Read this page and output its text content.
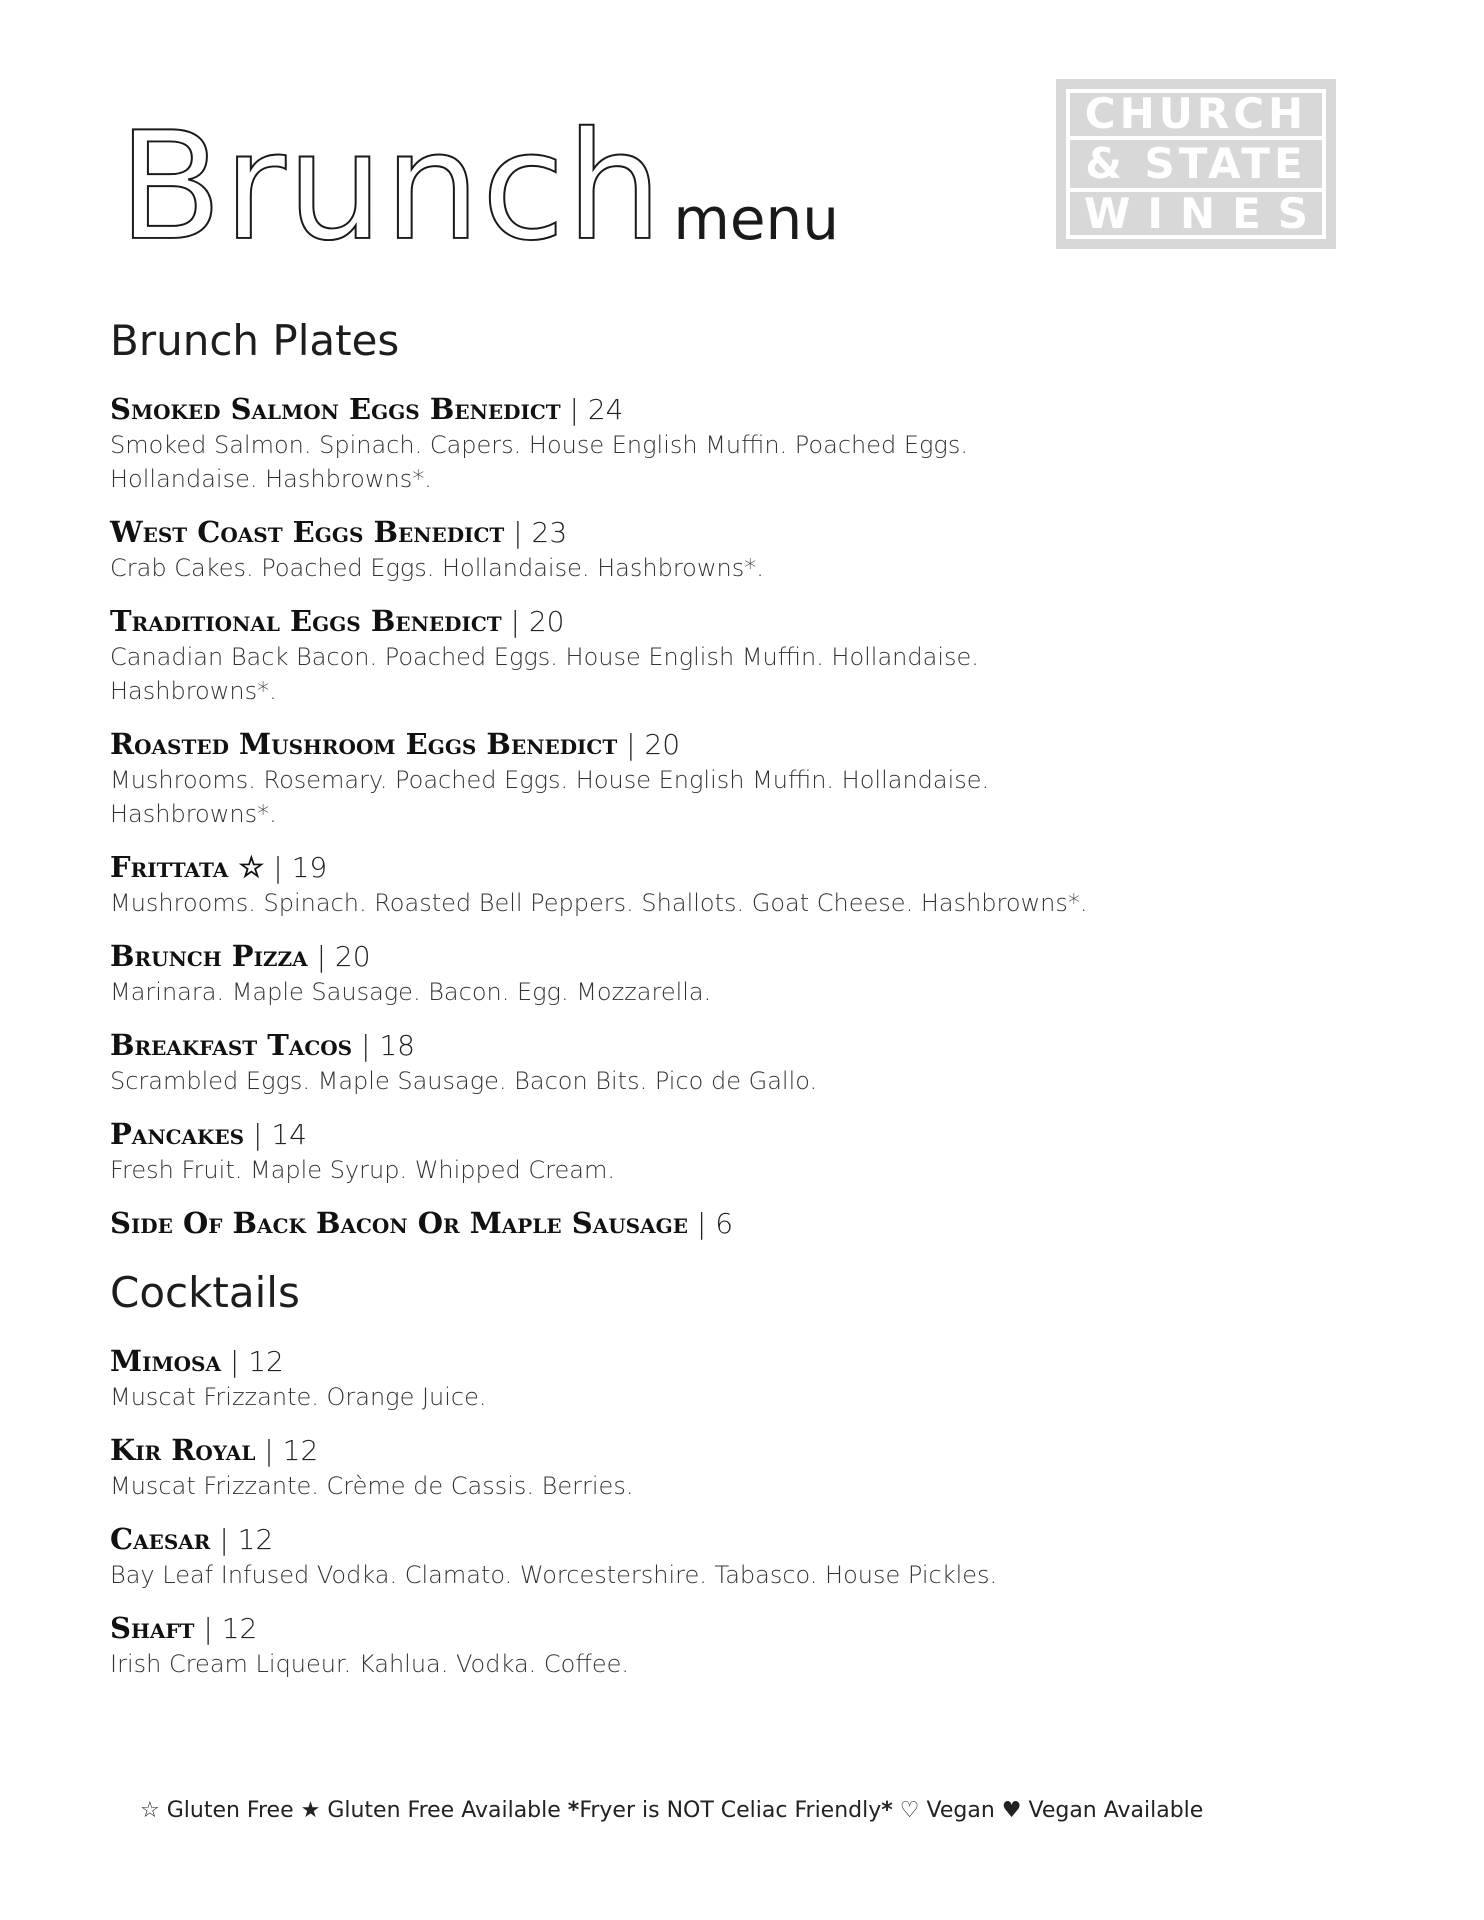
Brunch menu
CHURCH
& STATE
WINES
Brunch Plates
Smoked Salmon Eggs Benedict | 24
Smoked Salmon. Spinach. Capers. House English Muffin. Poached Eggs. Hollandaise. Hashbrowns*.
West Coast Eggs Benedict | 23
Crab Cakes. Poached Eggs. Hollandaise. Hashbrowns*.
Traditional Eggs Benedict | 20
Canadian Back Bacon. Poached Eggs. House English Muffin. Hollandaise. Hashbrowns*.
Roasted Mushroom Eggs Benedict | 20
Mushrooms. Rosemary. Poached Eggs. House English Muffin. Hollandaise. Hashbrowns*.
Frittata ☆ | 19
Mushrooms. Spinach. Roasted Bell Peppers. Shallots. Goat Cheese. Hashbrowns*.
Brunch Pizza | 20
Marinara. Maple Sausage. Bacon. Egg. Mozzarella.
Breakfast Tacos | 18
Scrambled Eggs. Maple Sausage. Bacon Bits. Pico de Gallo.
Pancakes | 14
Fresh Fruit. Maple Syrup. Whipped Cream.
Side Of Back Bacon Or Maple Sausage | 6
Cocktails
Mimosa | 12
Muscat Frizzante. Orange Juice.
Kir Royal | 12
Muscat Frizzante. Crème de Cassis. Berries.
Caesar | 12
Bay Leaf Infused Vodka. Clamato. Worcestershire. Tabasco. House Pickles.
Shaft | 12
Irish Cream Liqueur. Kahlua. Vodka. Coffee.
☆ Gluten Free ★ Gluten Free Available *Fryer is NOT Celiac Friendly* ♡ Vegan ♥ Vegan Available
